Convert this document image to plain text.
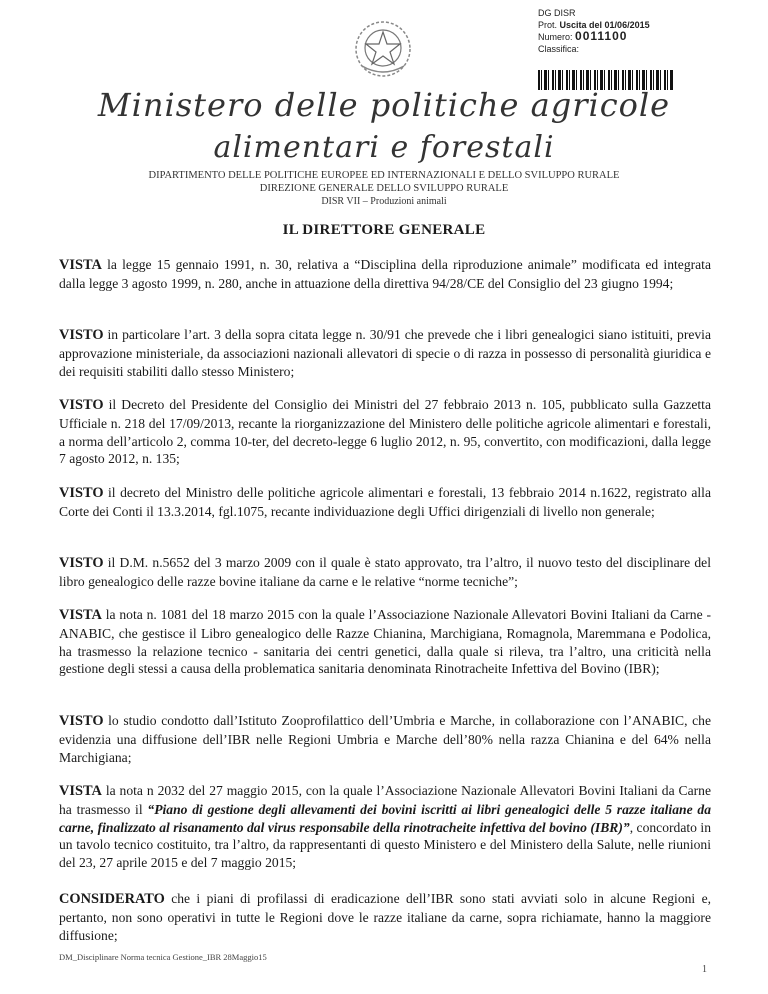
DG DISR
Prot. Uscita del 01/06/2015
Numero: 0011100
Classifica:
Ministero delle politiche agricole
alimentari e forestali
DIPARTIMENTO DELLE POLITICHE EUROPEE ED INTERNAZIONALI E DELLO SVILUPPO RURALE
DIREZIONE GENERALE DELLO SVILUPPO RURALE
DISR VII – Produzioni animali
IL DIRETTORE GENERALE
VISTA la legge 15 gennaio 1991, n. 30, relativa a “Disciplina della riproduzione animale” modificata ed integrata dalla legge 3 agosto 1999, n. 280, anche in attuazione della direttiva 94/28/CE del Consiglio del 23 giugno 1994;
VISTO in particolare l’art. 3 della sopra citata legge n. 30/91 che prevede che i libri genealogici siano istituiti, previa approvazione ministeriale, da associazioni nazionali allevatori di specie o di razza in possesso di personalità giuridica e dei requisiti stabiliti dallo stesso Ministero;
VISTO il Decreto del Presidente del Consiglio dei Ministri del 27 febbraio 2013 n. 105, pubblicato sulla Gazzetta Ufficiale n. 218 del 17/09/2013, recante la riorganizzazione del Ministero delle politiche agricole alimentari e forestali, a norma dell’articolo 2, comma 10-ter, del decreto-legge 6 luglio 2012, n. 95, convertito, con modificazioni, dalla legge 7 agosto 2012, n. 135;
VISTO il decreto del Ministro delle politiche agricole alimentari e forestali, 13 febbraio 2014 n.1622, registrato alla Corte dei Conti il 13.3.2014, fgl.1075, recante individuazione degli Uffici dirigenziali di livello non generale;
VISTO il D.M. n.5652 del 3 marzo 2009 con il quale è stato approvato, tra l’altro, il nuovo testo del disciplinare del libro genealogico delle razze bovine italiane da carne e le relative “norme tecniche”;
VISTA la nota n. 1081 del 18 marzo 2015 con la quale l’Associazione Nazionale Allevatori Bovini Italiani da Carne - ANABIC, che gestisce il Libro genealogico delle Razze Chianina, Marchigiana, Romagnola, Maremmana e Podolica, ha trasmesso la relazione tecnico - sanitaria dei centri genetici, dalla quale si rileva, tra l’altro, una criticità nella gestione degli stessi a causa della problematica sanitaria denominata Rinotracheite Infettiva del Bovino (IBR);
VISTO lo studio condotto dall’Istituto Zooprofilattico dell’Umbria e Marche, in collaborazione con l’ANABIC, che evidenzia una diffusione dell’IBR nelle Regioni Umbria e Marche dell’80% nella razza Chianina e del 64% nella Marchigiana;
VISTA la nota n 2032 del 27 maggio 2015, con la quale l’Associazione Nazionale Allevatori Bovini Italiani da Carne ha trasmesso il “Piano di gestione degli allevamenti dei bovini iscritti ai libri genealogici delle 5 razze italiane da carne, finalizzato al risanamento dal virus responsabile della rinotracheite infettiva del bovino (IBR)”, concordato in un tavolo tecnico costituito, tra l’altro, da rappresentanti di questo Ministero e del Ministero della Salute, nelle riunioni del 23, 27 aprile 2015 e del 7 maggio 2015;
CONSIDERATO che i piani di profilassi di eradicazione dell’IBR sono stati avviati solo in alcune Regioni e, pertanto, non sono operativi in tutte le Regioni dove le razze italiane da carne, sopra richiamate, hanno la maggiore diffusione;
DM_Disciplinare Norma tecnica Gestione_IBR 28Maggio15
1
